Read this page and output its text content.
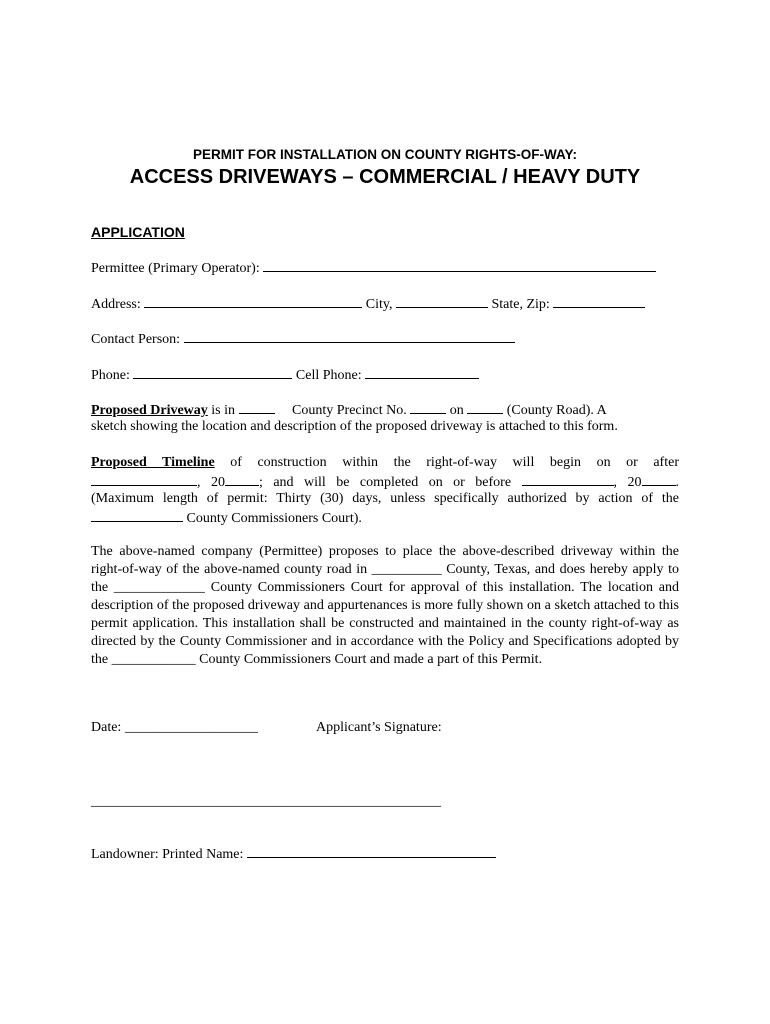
PERMIT FOR INSTALLATION ON COUNTY RIGHTS-OF-WAY:
ACCESS DRIVEWAYS – COMMERCIAL / HEAVY DUTY
APPLICATION
Permittee (Primary Operator):
Address:	City,	State, Zip:
Contact Person:
Phone:	Cell Phone:
Proposed Driveway is in	County Precinct No.	on	(County Road). A
sketch showing the location and description of the proposed driveway is attached to this form.
Proposed Timeline of construction within the right-of-way will begin on or after
, 20 ; and will be completed on or before	, 20 .
(Maximum length of permit: Thirty (30) days, unless specifically authorized by action of the
County Commissioners Court).
The above-named company (Permittee) proposes to place the above-described driveway within the right-of-way of the above-named county road in __________ County, Texas, and does hereby apply to the _____________ County Commissioners Court for approval of this installation. The location and description of the proposed driveway and appurtenances is more fully shown on a sketch attached to this permit application. This installation shall be constructed and maintained in the county right-of-way as directed by the County Commissioner and in accordance with the Policy and Specifications adopted by the ____________ County Commissioners Court and made a part of this Permit.
Date: ___________________	Applicant’s Signature:
__________________________________________________
Landowner: Printed Name:
